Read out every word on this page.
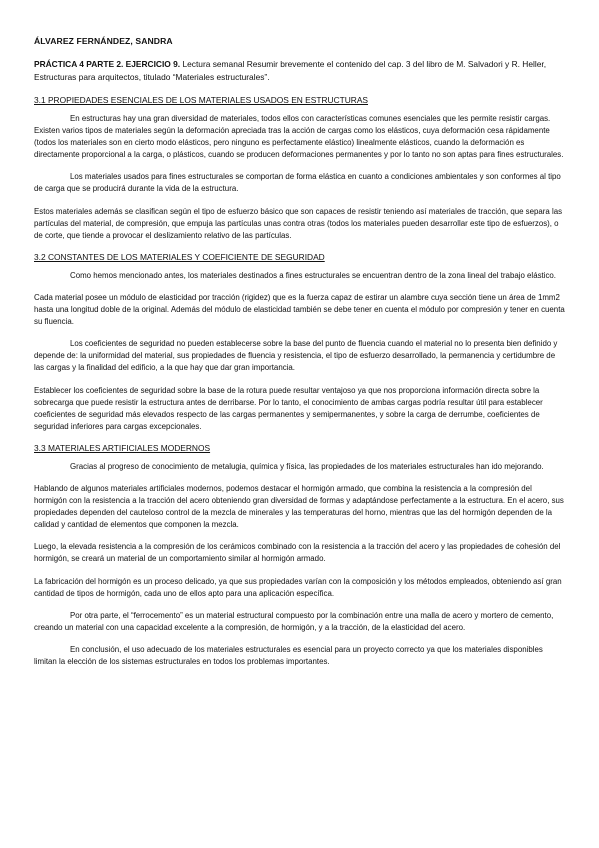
ÁLVAREZ FERNÁNDEZ, SANDRA
PRÁCTICA 4 PARTE 2. EJERCICIO 9. Lectura semanal Resumir brevemente el contenido del cap. 3 del libro de M. Salvadori y R. Heller, Estructuras para arquitectos, titulado “Materiales estructurales”.
3.1 PROPIEDADES ESENCIALES DE LOS MATERIALES USADOS EN ESTRUCTURAS

En estructuras hay una gran diversidad de materiales, todos ellos con características comunes esenciales que les permite resistir cargas. Existen varios tipos de materiales según la deformación apreciada tras la acción de cargas como los elásticos, cuya deformación cesa rápidamente (todos los materiales son en cierto modo elásticos, pero ninguno es perfectamente elástico) linealmente elásticos, cuando la deformación es directamente proporcional a la carga, o plásticos, cuando se producen deformaciones permanentes y por lo tanto no son aptas para fines estructurales.

Los materiales usados para fines estructurales se comportan de forma elástica en cuanto a condiciones ambientales y son conformes al tipo de carga que se producirá durante la vida de la estructura.

Estos materiales además se clasifican según el tipo de esfuerzo básico que son capaces de resistir teniendo así materiales de tracción, que separa las partículas del material, de compresión, que empuja las partículas unas contra otras (todos los materiales pueden desarrollar este tipo de esfuerzos), o de corte, que tiende a provocar el deslizamiento relativo de las partículas.

3.2 CONSTANTES DE LOS MATERIALES Y COEFICIENTE DE SEGURIDAD

Como hemos mencionado antes, los materiales destinados a fines estructurales se encuentran dentro de la zona lineal del trabajo elástico.

Cada material posee un módulo de elasticidad por tracción (rigidez) que es la fuerza capaz de estirar un alambre cuya sección tiene un área de 1mm2 hasta una longitud doble de la original. Además del módulo de elasticidad también se debe tener en cuenta el módulo por compresión y tener en cuenta su fluencia.

Los coeficientes de seguridad no pueden establecerse sobre la base del punto de fluencia cuando el material no lo presenta bien definido y depende de: la uniformidad del material, sus propiedades de fluencia y resistencia, el tipo de esfuerzo desarrollado, la permanencia y certidumbre de las cargas y la finalidad del edificio, a la que hay que dar gran importancia.

Establecer los coeficientes de seguridad sobre la base de la rotura puede resultar ventajoso ya que nos proporciona información directa sobre la sobrecarga que puede resistir la estructura antes de derribarse. Por lo tanto, el conocimiento de ambas cargas podría resultar útil para establecer coeficientes de seguridad más elevados respecto de las cargas permanentes y semipermanentes, y sobre la carga de derrumbe, coeficientes de seguridad inferiores para cargas excepcionales.

3.3 MATERIALES ARTIFICIALES MODERNOS

Gracias al progreso de conocimiento de metalugia, química y física, las propiedades de los materiales estructurales han ido mejorando.

Hablando de algunos materiales artificiales modernos, podemos destacar el hormigón armado, que combina la resistencia a la compresión del hormigón con la resistencia a la tracción del acero obteniendo gran diversidad de formas y adaptándose perfectamente a la estructura. En el acero, sus propiedades dependen del cauteloso control de la mezcla de minerales y las temperaturas del horno, mientras que las del hormigón dependen de la calidad y cantidad de elementos que componen la mezcla.

Luego, la elevada resistencia a la compresión de los cerámicos combinado con la resistencia a la tracción del acero y las propiedades de cohesión del hormigón, se creará un material de un comportamiento similar al hormigón armado.

La fabricación del hormigón es un proceso delicado, ya que sus propiedades varían con la composición y los métodos empleados, obteniendo así gran cantidad de tipos de hormigón, cada uno de ellos apto para una aplicación específica.

Por otra parte, el “ferrocemento” es un material estructural compuesto por la combinación entre una malla de acero y mortero de cemento, creando un material con una capacidad excelente a la compresión, de hormigón, y a la tracción, de la elasticidad del acero.

En conclusión, el uso adecuado de los materiales estructurales es esencial para un proyecto correcto ya que los materiales disponibles limitan la elección de los sistemas estructurales en todos los problemas importantes.
